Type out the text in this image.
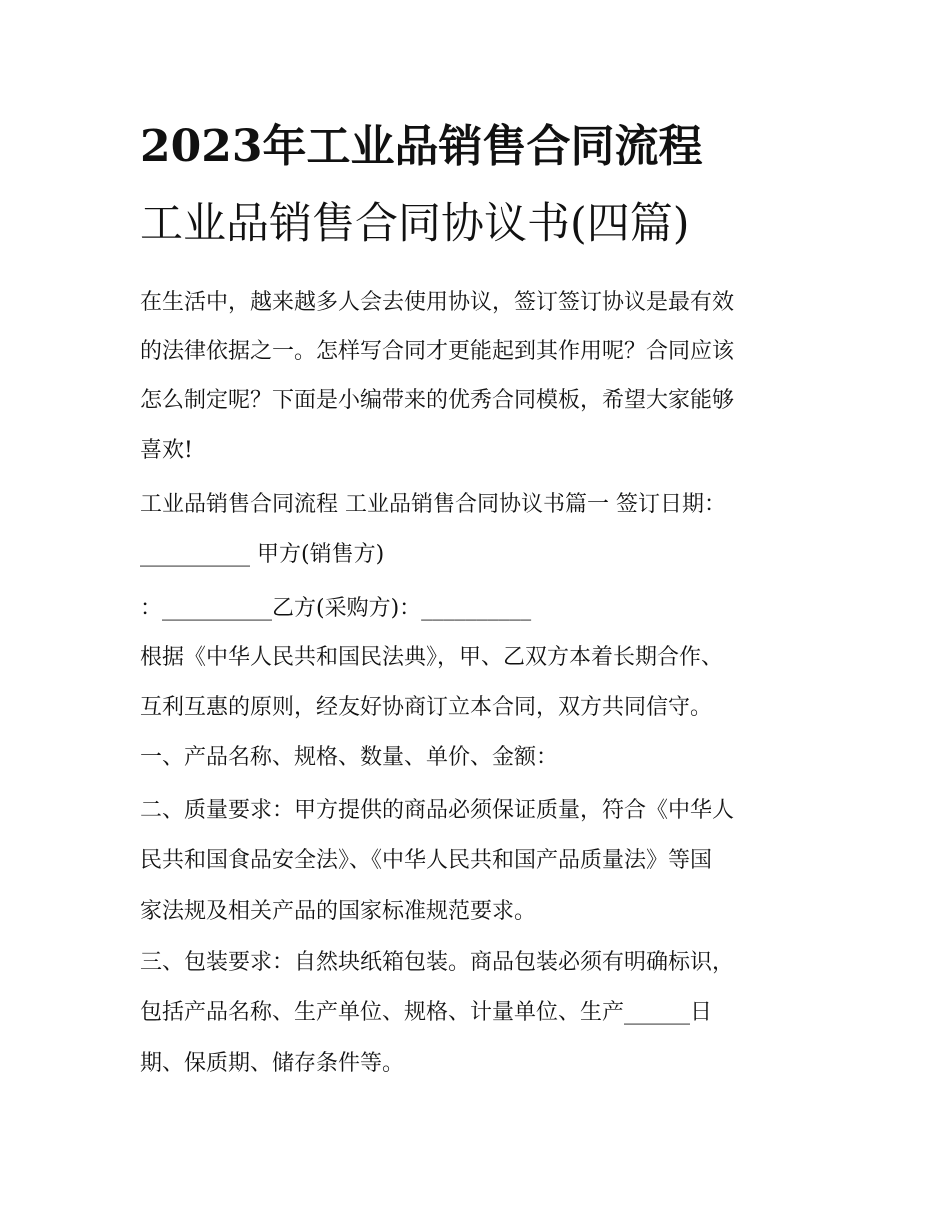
2023年工业品销售合同流程
工业品销售合同协议书(四篇)
在生活中，越来越多人会去使用协议，签订签订协议是最有效
的法律依据之一。怎样写合同才更能起到其作用呢？合同应该
怎么制定呢？下面是小编带来的优秀合同模板，希望大家能够
喜欢!
工业品销售合同流程 工业品销售合同协议书篇一 签订日期：
__________ 甲方(销售方)
：__________乙方(采购方)：__________
根据《中华人民共和国民法典》，甲、乙双方本着长期合作、
互利互惠的原则，经友好协商订立本合同，双方共同信守。
一、产品名称、规格、数量、单价、金额：
二、质量要求：甲方提供的商品必须保证质量，符合《中华人
民共和国食品安全法》、《中华人民共和国产品质量法》等国
家法规及相关产品的国家标准规范要求。
三、包装要求：自然块纸箱包装。商品包装必须有明确标识，
包括产品名称、生产单位、规格、计量单位、生产______日
期、保质期、储存条件等。
